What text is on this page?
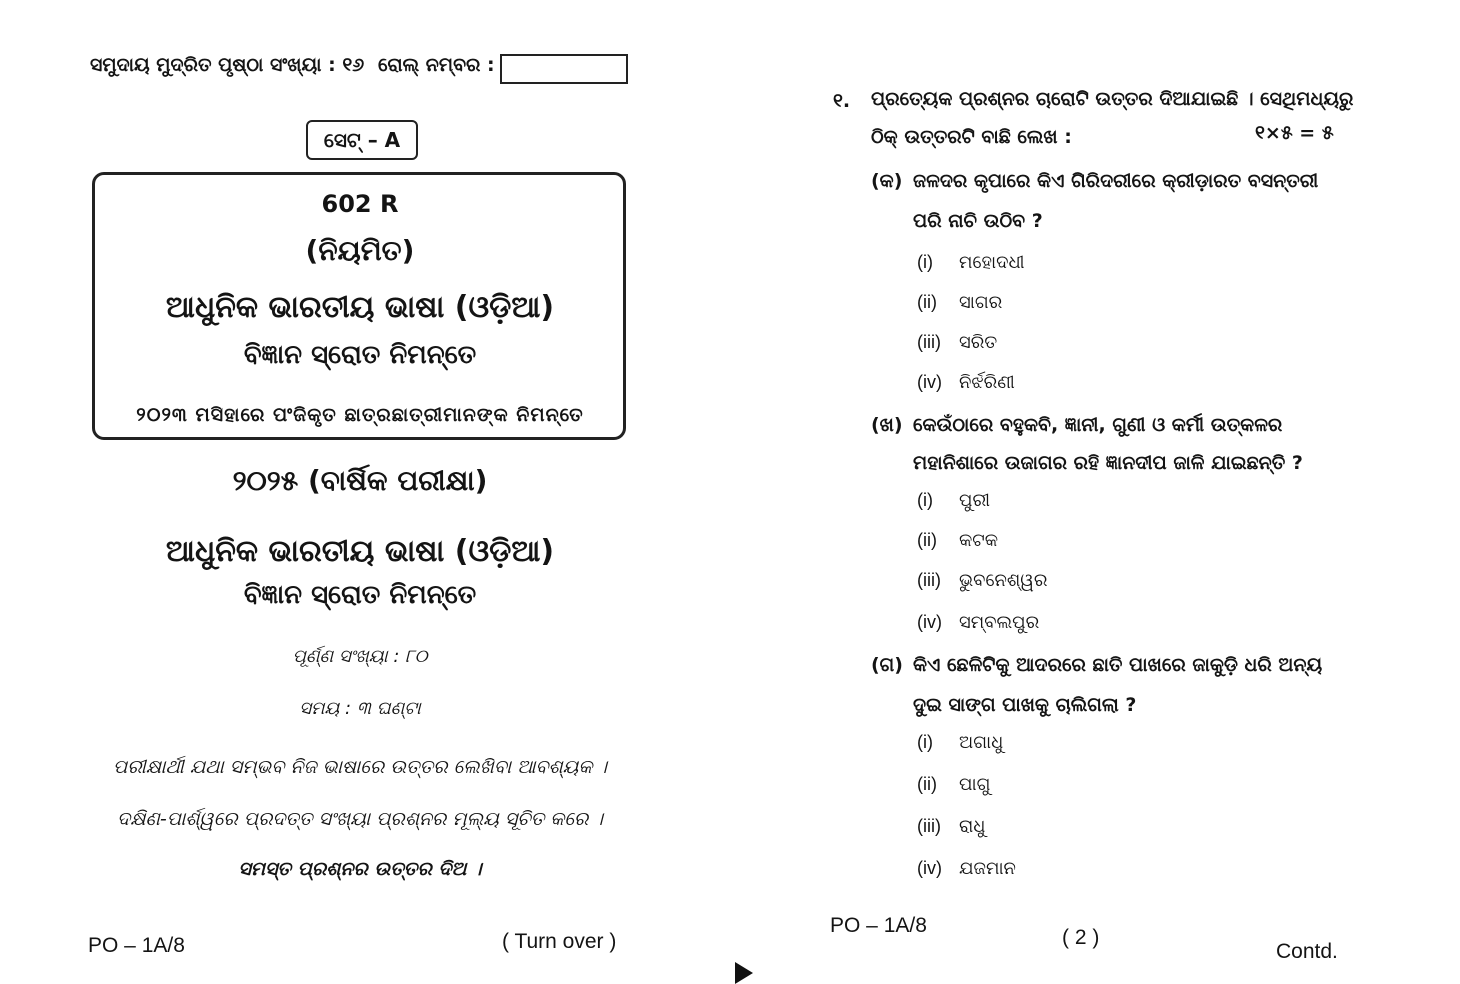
ସମୁଦାୟ ମୁଦ୍ରିତ ପୃଷ୍ଠା ସଂଖ୍ୟା : ୧୬ ରୋଲ୍ ନମ୍ବର :
ସେଟ୍ – A
602 R
(ନିୟମିତ)
ଆଧୁନିକ ଭାରତୀୟ ଭାଷା (ଓଡ଼ିଆ)
ବିଜ୍ଞାନ ସ୍ରୋତ ନିମନ୍ତେ
୨୦୨୩ ମସିହାରେ ପଂଜିକୃତ ଛାତ୍ରଛାତ୍ରୀମାନଙ୍କ ନିମନ୍ତେ
୨୦୨୫ (ବାର୍ଷିକ ପରୀକ୍ଷା)
ଆଧୁନିକ ଭାରତୀୟ ଭାଷା (ଓଡ଼ିଆ)
ବିଜ୍ଞାନ ସ୍ରୋତ ନିମନ୍ତେ
ପୂର୍ଣ୍ଣ ସଂଖ୍ୟା : ୮୦
ସମୟ : ୩ ଘଣ୍ଟା
ପରୀକ୍ଷାର୍ଥୀ ଯଥା ସମ୍ଭବ ନିଜ ଭାଷାରେ ଉତ୍ତର ଲେଖିବା ଆବଶ୍ୟକ ।
ଦକ୍ଷିଣ-ପାର୍ଶ୍ୱରେ ପ୍ରଦତ୍ତ ସଂଖ୍ୟା ପ୍ରଶ୍ନର ମୂଲ୍ୟ ସୂଚିତ କରେ ।
ସମସ୍ତ ପ୍ରଶ୍ନର ଉତ୍ତର ଦିଅ ।
PO – 1A/8	( Turn over )
୧. ପ୍ରତ୍ୟେକ ପ୍ରଶ୍ନର ଚାରୋଟି ଉତ୍ତର ଦିଆଯାଇଛି । ସେଥିମଧ୍ୟରୁ
ଠିକ୍ ଉତ୍ତରଟି ବାଛି ଲେଖ :	୧×୫ = ୫
(କ) ଜଳଦର କୃପାରେ କିଏ ଗିରିଦରୀରେ କ୍ରୀଡ଼ାରତ ବସନ୍ତରୀ
ପରି ନାଚି ଉଠିବ ?
(i) ମହୋଦଧୀ
(ii) ସାଗର
(iii) ସରିତ
(iv) ନିର୍ଝରିଣୀ
(ଖ) କେଉଁଠାରେ ବହୁକବି, ଜ୍ଞାନୀ, ଗୁଣୀ ଓ କର୍ମୀ ଉତ୍କଳର
ମହାନିଶାରେ ଉଜାଗର ରହି ଜ୍ଞାନଦୀପ ଜାଳି ଯାଇଛନ୍ତି ?
(i) ପୁରୀ
(ii) କଟକ
(iii) ଭୁବନେଶ୍ୱର
(iv) ସମ୍ବଲପୁର
(ଗ) କିଏ ଛେଳିଟିକୁ ଆଦରରେ ଛାତି ପାଖରେ ଜାକୁଡ଼ି ଧରି ଅନ୍ୟ
ଦୁଇ ସାଙ୍ଗ ପାଖକୁ ଚାଲିଗଲା ?
(i) ଅଗାଧୁ
(ii) ପାଗୁ
(iii) ରାଧୁ
(iv) ଯଜମାନ
PO – 1A/8
( 2 )
Contd.
